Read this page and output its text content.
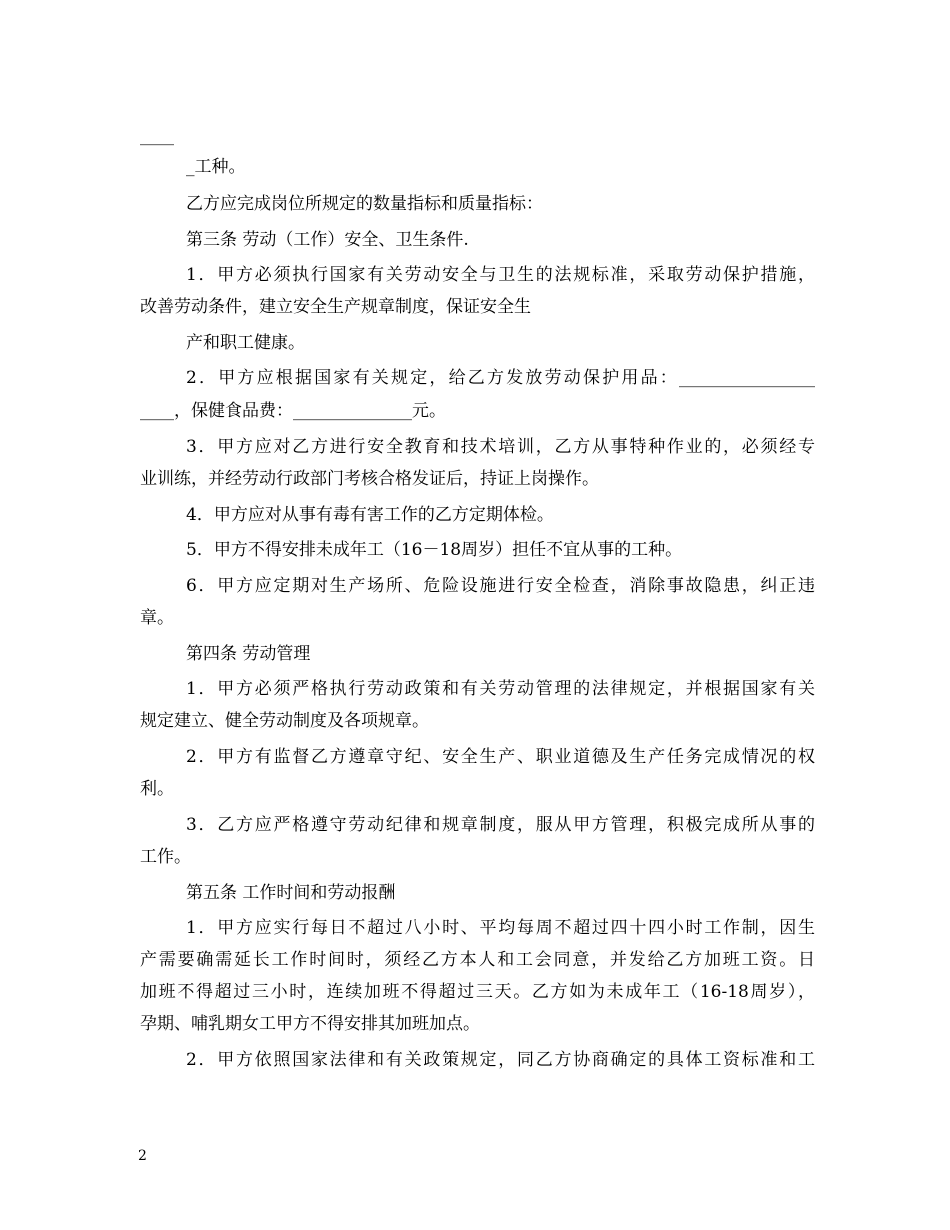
2
____
_工种。
乙方应完成岗位所规定的数量指标和质量指标：
第三条 劳动（工作）安全、卫生条件.
1．甲方必须执行国家有关劳动安全与卫生的法规标准，采取劳动保护措施，
改善劳动条件，建立安全生产规章制度，保证安全生
产和职工健康。
2．甲方应根据国家有关规定，给乙方发放劳动保护用品：________________
____，保健食品费：______________元。
3．甲方应对乙方进行安全教育和技术培训，乙方从事特种作业的，必须经专
业训练，并经劳动行政部门考核合格发证后，持证上岗操作。
4．甲方应对从事有毒有害工作的乙方定期体检。
5．甲方不得安排未成年工（16－18周岁）担任不宜从事的工种。
6．甲方应定期对生产场所、危险设施进行安全检查，消除事故隐患，纠正违
章。
第四条 劳动管理
1．甲方必须严格执行劳动政策和有关劳动管理的法律规定，并根据国家有关
规定建立、健全劳动制度及各项规章。
2．甲方有监督乙方遵章守纪、安全生产、职业道德及生产任务完成情况的权
利。
3．乙方应严格遵守劳动纪律和规章制度，服从甲方管理，积极完成所从事的
工作。
第五条 工作时间和劳动报酬
1．甲方应实行每日不超过八小时、平均每周不超过四十四小时工作制，因生
产需要确需延长工作时间时，须经乙方本人和工会同意，并发给乙方加班工资。日
加班不得超过三小时，连续加班不得超过三天。乙方如为未成年工（16-18周岁），
孕期、哺乳期女工甲方不得安排其加班加点。
2．甲方依照国家法律和有关政策规定，同乙方协商确定的具体工资标准和工
